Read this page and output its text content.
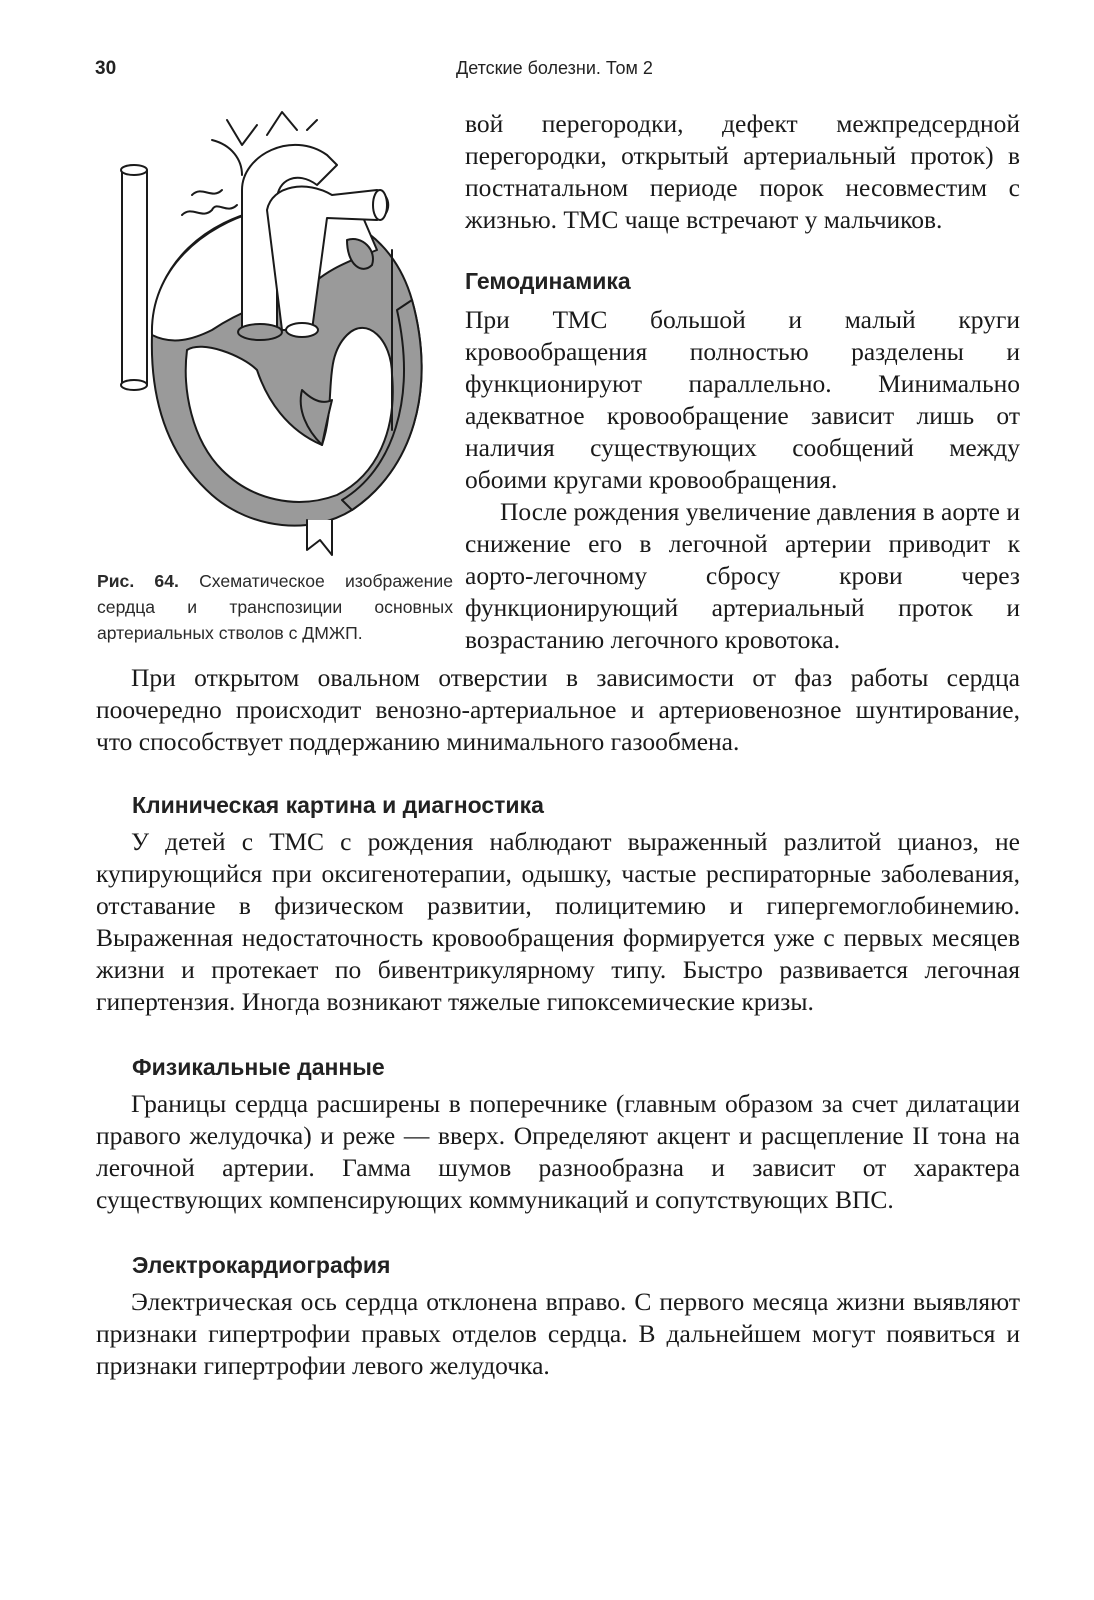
30	Детские болезни. Том 2
Рис. 64. Схематическое изображение сердца и транспозиции основных артериальных стволов с ДМЖП.

вой перегородки, дефект межпредсердной перегородки, открытый артериальный проток) в постнатальном периоде порок несовместим с жизнью. ТМС чаще встречают у мальчиков.

Гемодинамика

При ТМС большой и малый круги кровообращения полностью разделены и функционируют параллельно. Минимально адекватное кровообращение зависит лишь от наличия существующих сообщений между обоими кругами кровообращения.

После рождения увеличение давления в аорте и снижение его в легочной артерии приводит к аорто-легочному сбросу крови через функционирующий артериальный проток и возрастанию легочного кровотока.

При открытом овальном отверстии в зависимости от фаз работы сердца поочередно происходит венозно-артериальное и артериовенозное шунтирование, что способствует поддержанию минимального газообмена.

Клиническая картина и диагностика

У детей с ТМС с рождения наблюдают выраженный разлитой цианоз, не купирующийся при оксигенотерапии, одышку, частые респираторные заболевания, отставание в физическом развитии, полицитемию и гипергемоглобинемию. Выраженная недостаточность кровообращения формируется уже с первых месяцев жизни и протекает по бивентрикулярному типу. Быстро развивается легочная гипертензия. Иногда возникают тяжелые гипоксемические кризы.

Физикальные данные

Границы сердца расширены в поперечнике (главным образом за счет дилатации правого желудочка) и реже — вверх. Определяют акцент и расщепление II тона на легочной артерии. Гамма шумов разнообразна и зависит от характера существующих компенсирующих коммуникаций и сопутствующих ВПС.

Электрокардиография

Электрическая ось сердца отклонена вправо. С первого месяца жизни выявляют признаки гипертрофии правых отделов сердца. В дальнейшем могут появиться и признаки гипертрофии левого желудочка.
